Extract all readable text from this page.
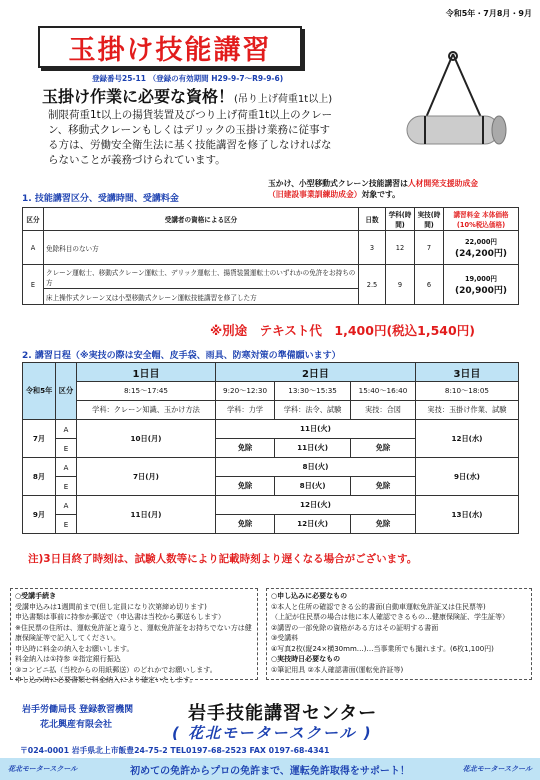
令和5年・7月8月・9月
玉掛け技能講習
登録番号25-11 （登録の有効期間 H29-9-7〜R9-9-6)
玉掛け作業に必要な資格！(吊り上げ荷重1t以上)
制限荷重1t以上の揚貨装置及びつり上げ荷重1t以上のクレーン、移動式クレーンもしくはデリックの玉掛け業務に従事する方は、労働安全衛生法に基く技能講習を修了しなければならないことが義務づけられています。
玉かけ、小型移動式クレーン技能講習は人材開発支援助成金
（旧建設事業訓練助成金）対象です。
1. 技能講習区分、受講時間、受講料金
区分	受講者の資格による区分	日数	学科(時間)	実技(時間)	講習料金 本体価格 (10%税込価格)
A	免除科目のない方	3	12	7	22,000円
(24,200円)
E	クレーン運転士、移動式クレーン運転士、デリック運転士、揚貨装置運転士のいずれかの免許をお持ちの方	2.5	9	6	19,000円
(20,900円)
	床上操作式クレーン又は小型移動式クレーン運転技能講習を修了した方				
※別途　テキスト代　1,400円(税込1,540円)
2. 講習日程（※実技の際は安全帽、皮手袋、雨具、防寒対策の準備願います）
令和5年	区分	1日目	2日目			3日目
		8:15〜17:45	9:20〜12:30	13:30〜15:35	15:40〜16:40	8:10〜18:05
		学科：クレーン知識、玉かけ方法	学科：力学	学科：法令、試験	実技：合図	実技：玉掛け作業、試験
7月	A	10日(月)	11日(火)			12日(水)
	E		免除	11日(火)	免除	
8月	A	7日(月)	8日(火)			9日(水)
	E		免除	8日(火)	免除	
9月	A	11日(月)	12日(火)			13日(水)
	E		免除	12日(火)	免除	
注)3日目終了時刻は、試験人数等により記載時刻より遅くなる場合がございます。
○受講手続き
受講申込みは1週間前まで(但し定員になり次第締め切ります)
申込書類は事前に持参か郵送で（申込書は当校から郵送もします）
※住民票の住所は、運転免許証と違うと、運転免許証をお持ちでない方は健康保険証等で記入してください。
申込時に料金の納入をお願いします。
料金納入は①持参 ②指定銀行振込
③コンビニ払（当校からの用紙郵送）のどれかでお願いします。
申し込み時に必要書類と料金納入により確定いたします。
○申し込みに必要なもの
①本人と住所の確認できる公的書面(自動車運転免許証又は住民票等)
（上記が住民票の場合は他に本人確認できるもの…健康保険証、学生証等）
②講習の一部免除の資格がある方はその証明する書面
③受講料
④写真2枚(縦24×横30mm…)…当事業所でも撮れます。(6枚1,100円)
○実技時日必要なもの
①筆記用具 ②本人確認書面(運転免許証等)
岩手労働局長 登録教習機関
花北興産有限会社
岩手技能講習センター
( 花北モータースクール )
〒024-0001 岩手県北上市飯豊24-75-2 TEL0197-68-2523 FAX 0197-68-4341
花北モータースクール	初めての免許からプロの免許まで、運転免許取得をサポート！	花北モータースクール
